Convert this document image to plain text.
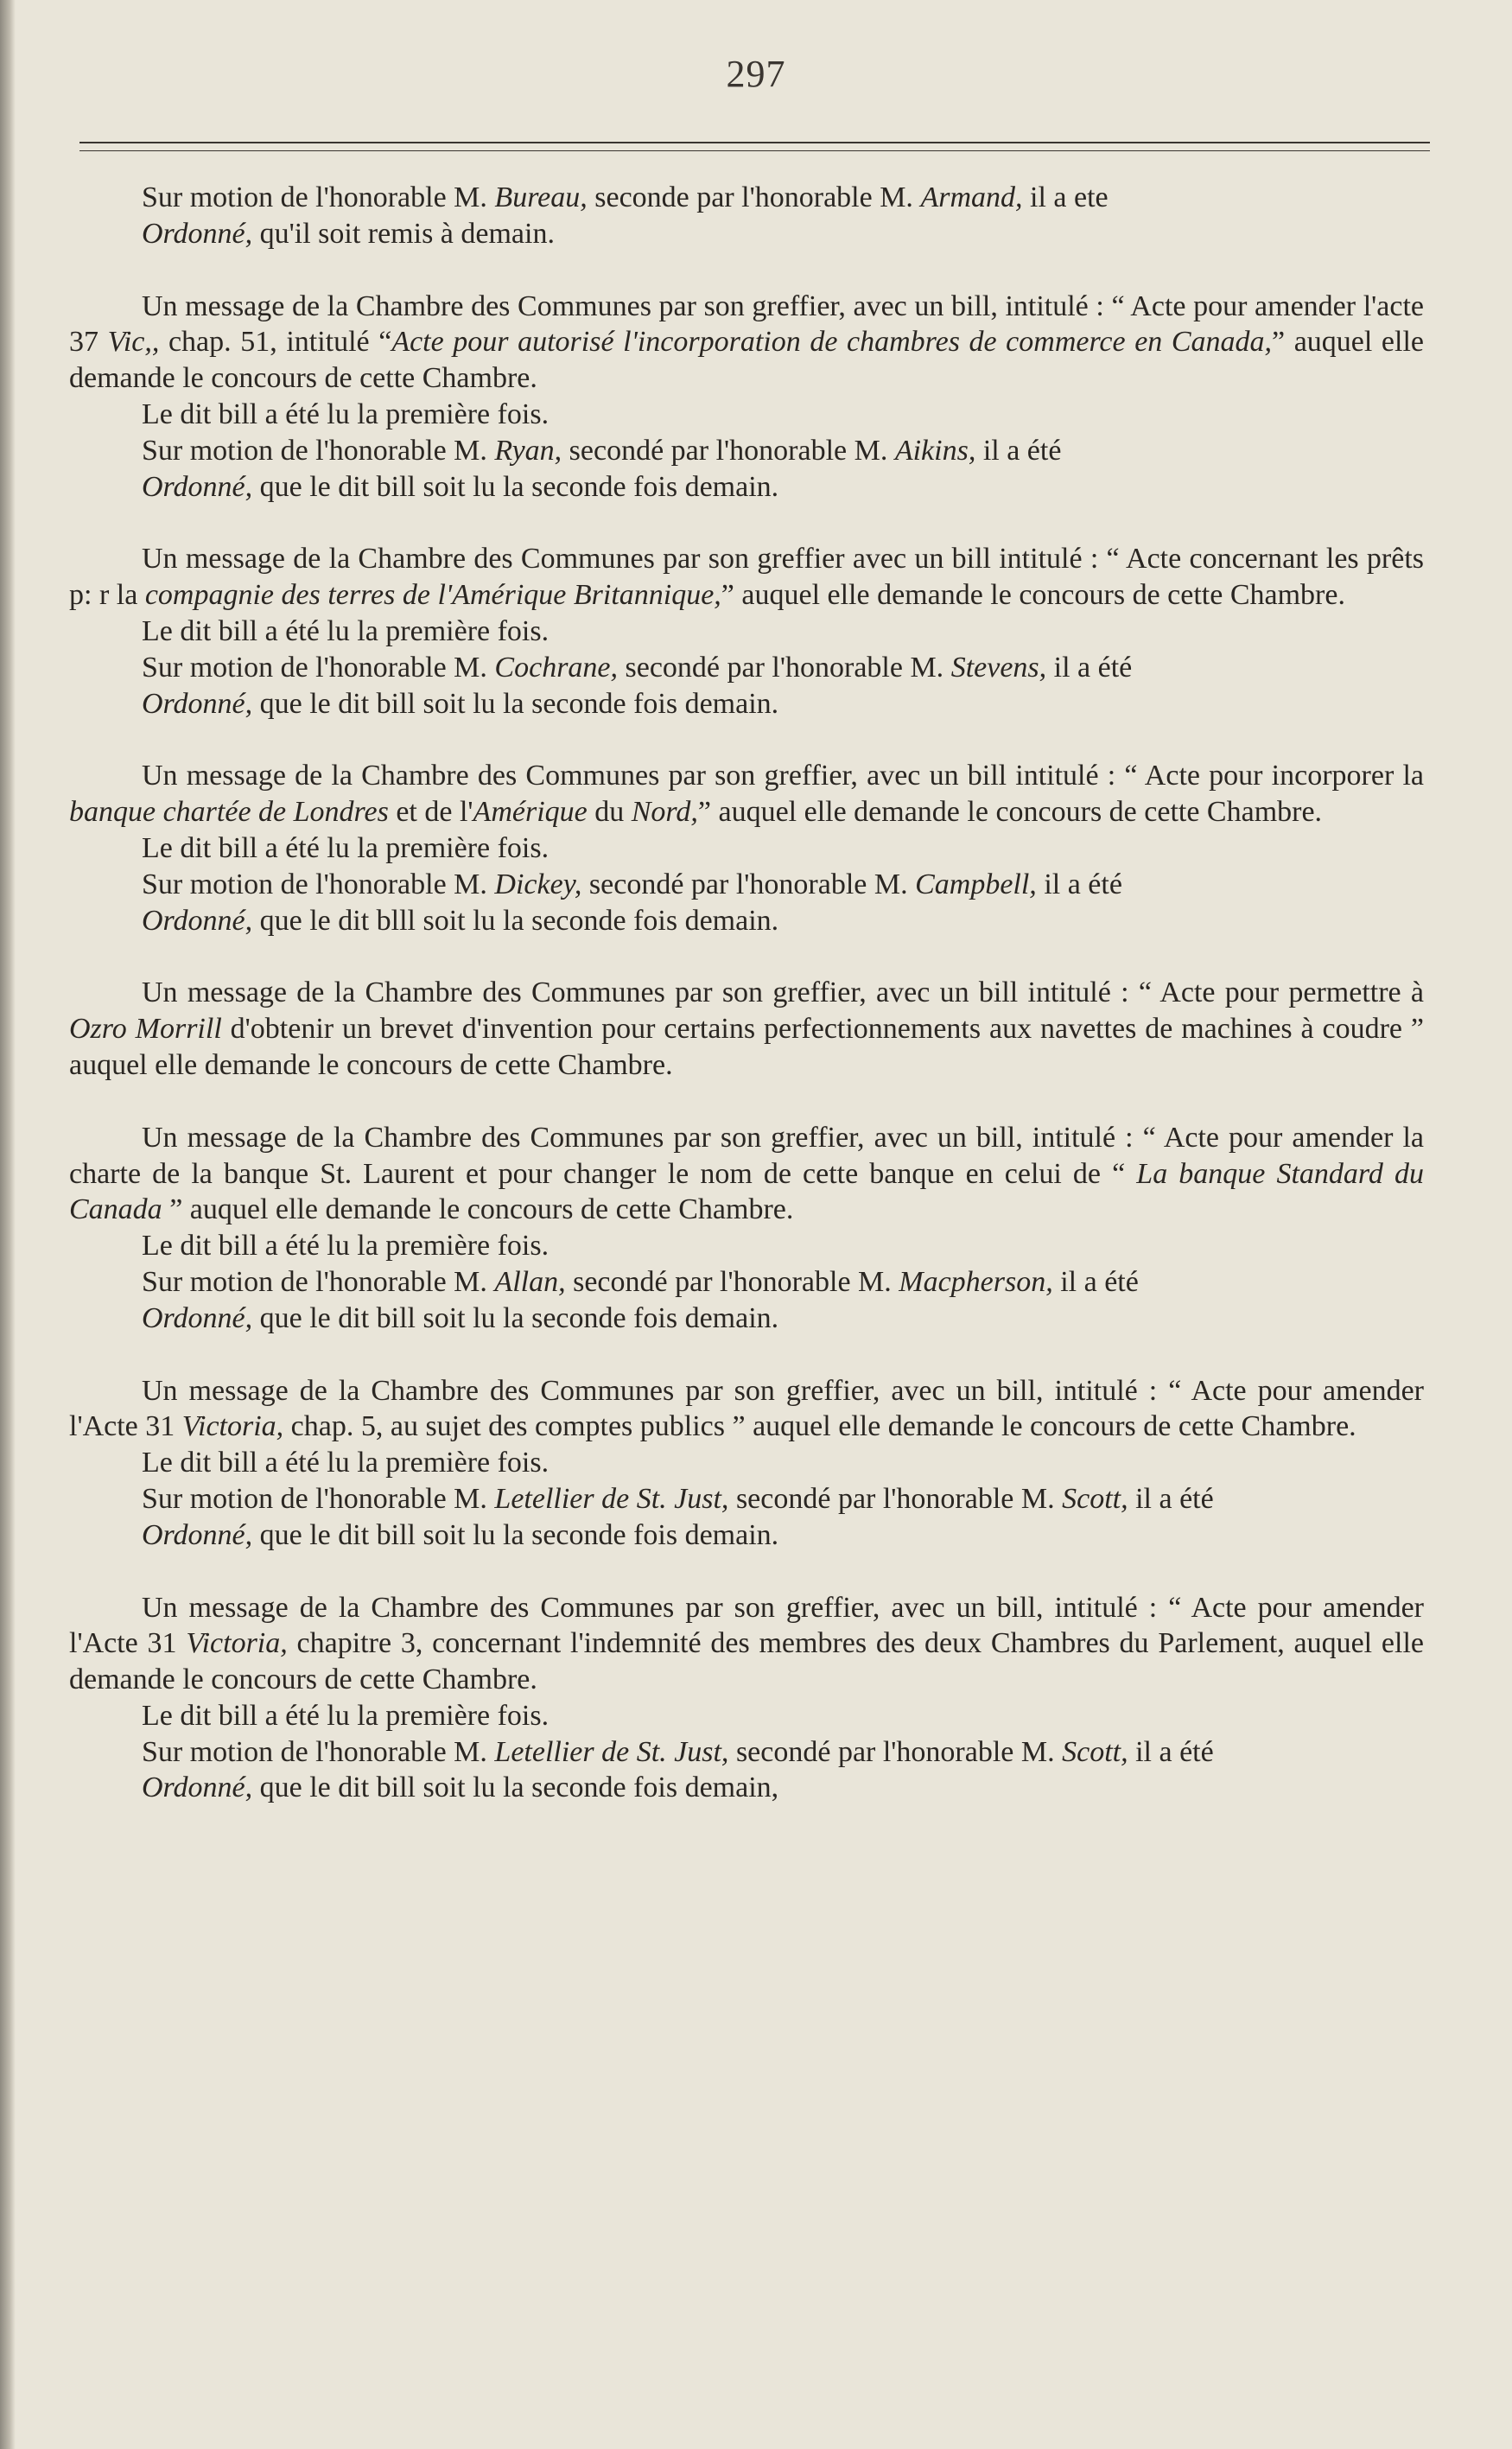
297

Sur motion de l'honorable M. Bureau, seconde par l'honorable M. Armand, il a ete

Ordonné, qu'il soit remis à demain.

Un message de la Chambre des Communes par son greffier, avec un bill, intitulé : “ Acte pour amender l'acte 37 Vic,, chap. 51, intitulé “Acte pour autorisé l'incorporation de chambres de commerce en Canada,” auquel elle demande le concours de cette Chambre.

Le dit bill a été lu la première fois.

Sur motion de l'honorable M. Ryan, secondé par l'honorable M. Aikins, il a été

Ordonné, que le dit bill soit lu la seconde fois demain.

Un message de la Chambre des Communes par son greffier avec un bill intitulé : “ Acte concernant les prêts p: r la compagnie des terres de l'Amérique Britannique,” auquel elle demande le concours de cette Chambre.

Le dit bill a été lu la première fois.

Sur motion de l'honorable M. Cochrane, secondé par l'honorable M. Stevens, il a été

Ordonné, que le dit bill soit lu la seconde fois demain.

Un message de la Chambre des Communes par son greffier, avec un bill intitulé : “ Acte pour incorporer la banque chartée de Londres et de l'Amérique du Nord,” auquel elle demande le concours de cette Chambre.

Le dit bill a été lu la première fois.

Sur motion de l'honorable M. Dickey, secondé par l'honorable M. Campbell, il a été

Ordonné, que le dit blll soit lu la seconde fois demain.

Un message de la Chambre des Communes par son greffier, avec un bill intitulé : “ Acte pour permettre à Ozro Morrill d'obtenir un brevet d'invention pour certains perfectionnements aux navettes de machines à coudre ” auquel elle demande le concours de cette Chambre.

Un message de la Chambre des Communes par son greffier, avec un bill, intitulé : “ Acte pour amender la charte de la banque St. Laurent et pour changer le nom de cette banque en celui de “ La banque Standard du Canada ” auquel elle demande le concours de cette Chambre.

Le dit bill a été lu la première fois.

Sur motion de l'honorable M. Allan, secondé par l'honorable M. Macpherson, il a été

Ordonné, que le dit bill soit lu la seconde fois demain.

Un message de la Chambre des Communes par son greffier, avec un bill, intitulé : “ Acte pour amender l'Acte 31 Victoria, chap. 5, au sujet des comptes publics ” auquel elle demande le concours de cette Chambre.

Le dit bill a été lu la première fois.

Sur motion de l'honorable M. Letellier de St. Just, secondé par l'honorable M. Scott, il a été

Ordonné, que le dit bill soit lu la seconde fois demain.

Un message de la Chambre des Communes par son greffier, avec un bill, intitulé : “ Acte pour amender l'Acte 31 Victoria, chapitre 3, concernant l'indemnité des membres des deux Chambres du Parlement, auquel elle demande le concours de cette Chambre.

Le dit bill a été lu la première fois.

Sur motion de l'honorable M. Letellier de St. Just, secondé par l'honorable M. Scott, il a été

Ordonné, que le dit bill soit lu la seconde fois demain,
